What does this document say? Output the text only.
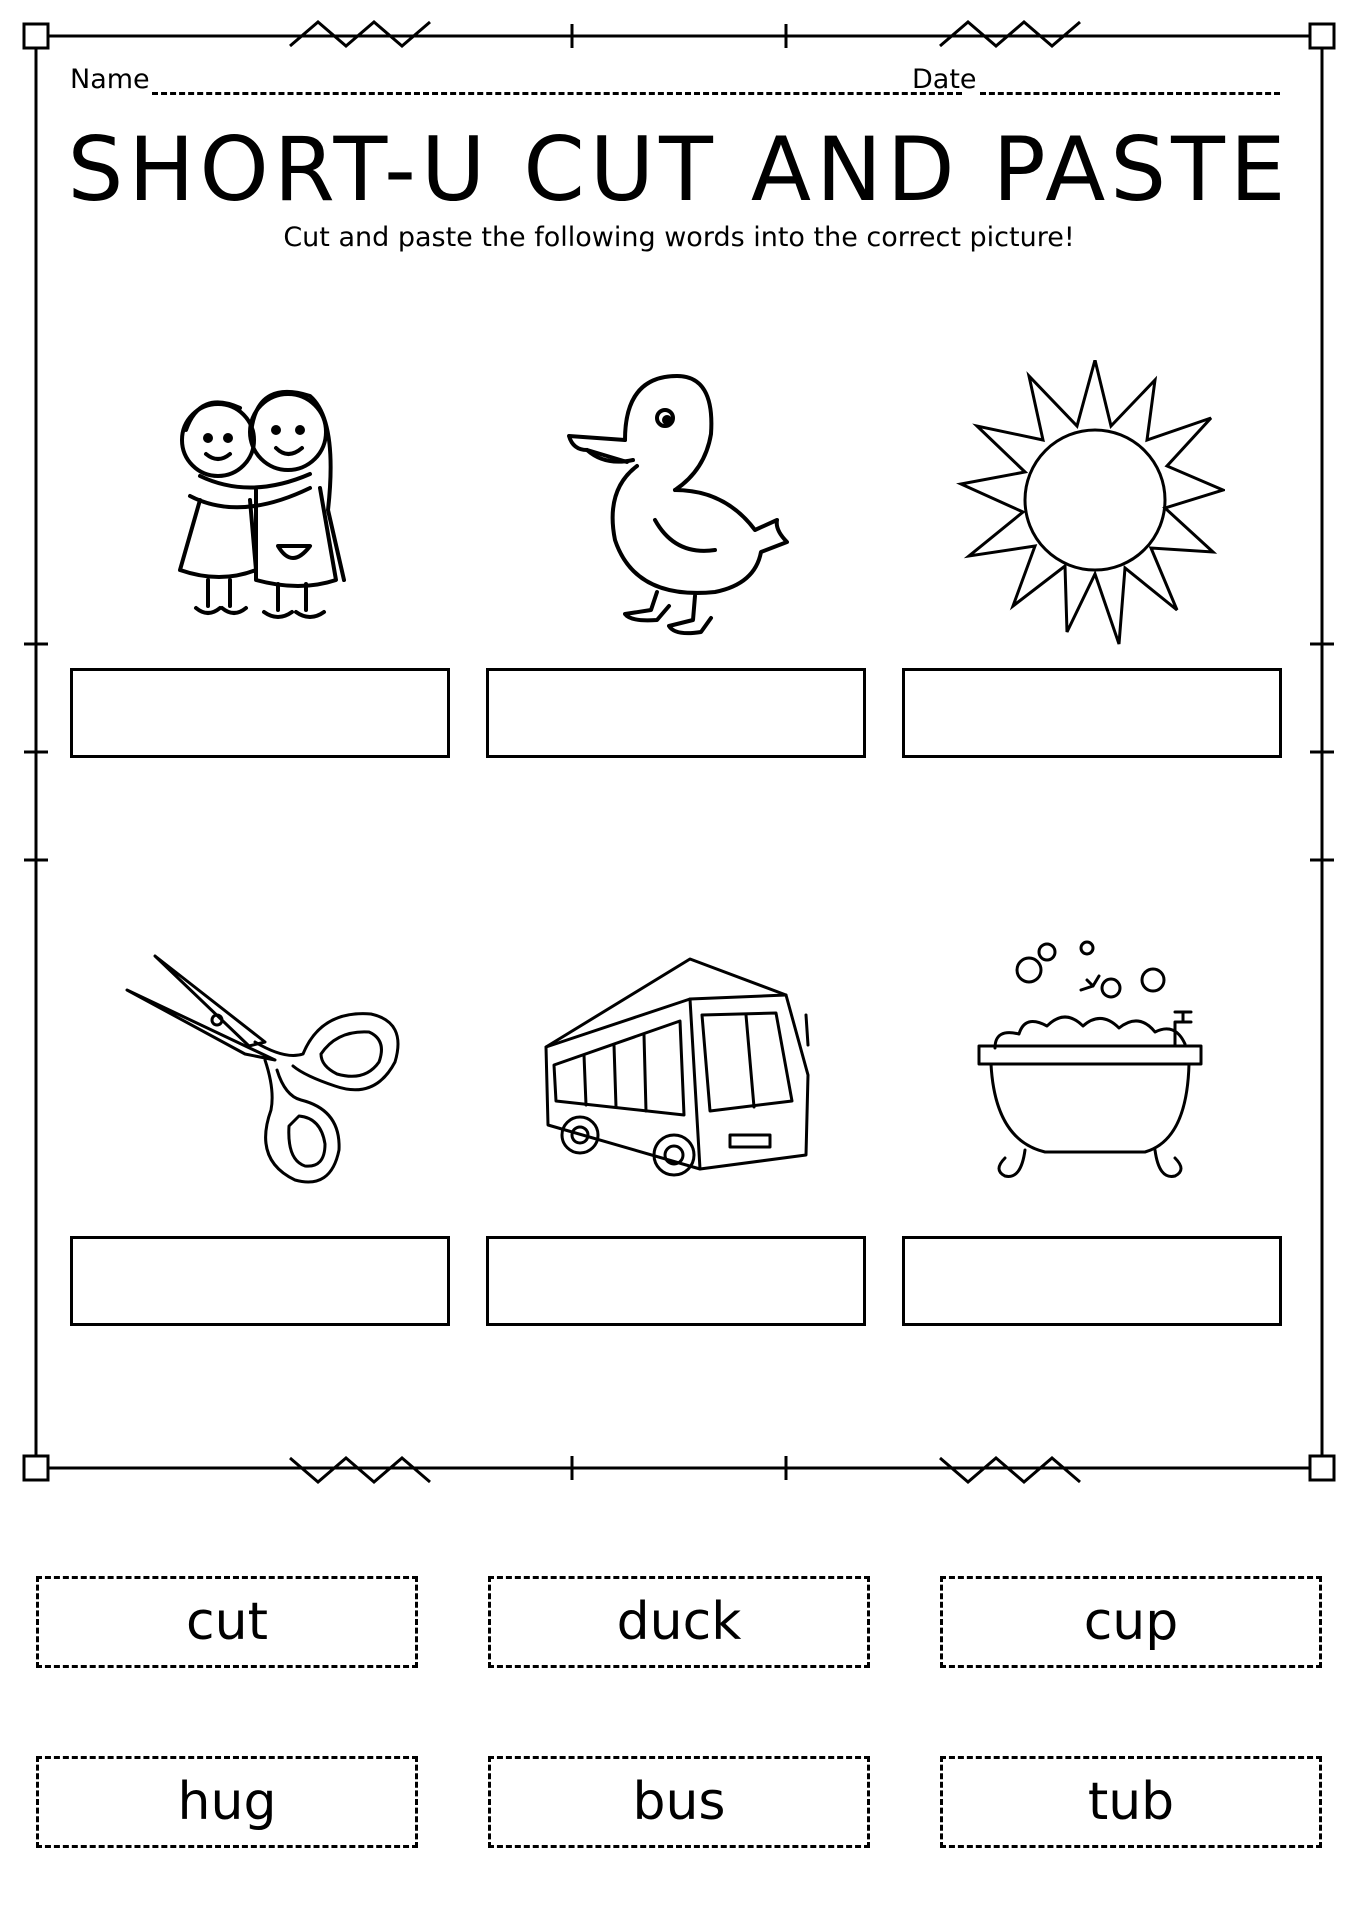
Name	Date
SHORT-U CUT AND PASTE
Cut and paste the following words into the correct picture!
cut	duck	cup
hug	bus	tub
